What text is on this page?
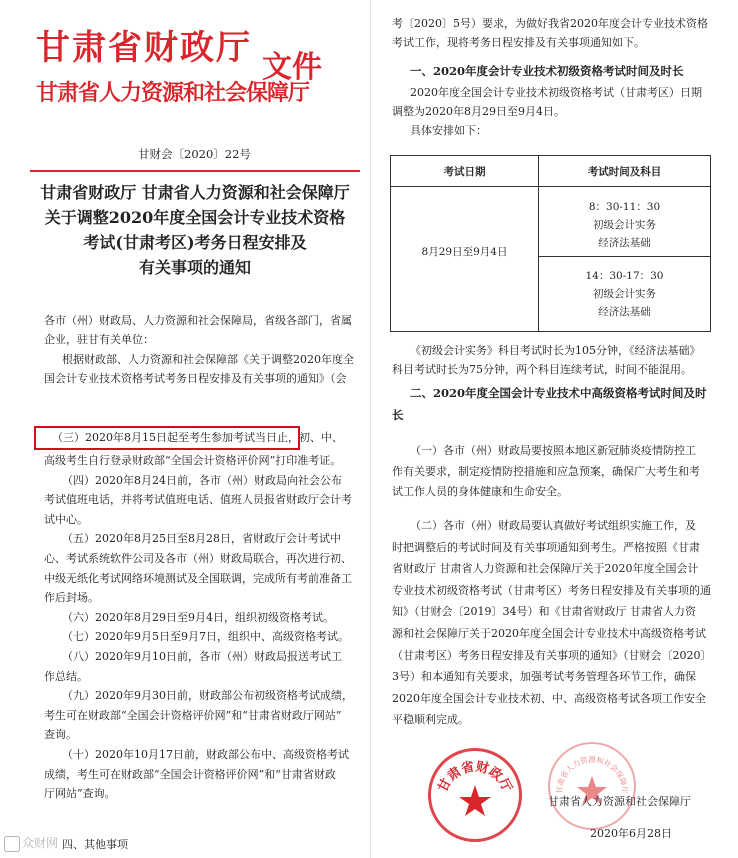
甘肃省财政厅
甘肃省人力资源和社会保障厅
文件
甘财会〔2020〕22号
甘肃省财政厅 甘肃省人力资源和社会保障厅
关于调整2020年度全国会计专业技术资格
考试(甘肃考区)考务日程安排及
有关事项的通知
各市（州）财政局、人力资源和社会保障局，省级各部门，省属
企业，驻甘有关单位：
根据财政部、人力资源和社会保障部《关于调整2020年度全
国会计专业技术资格考试考务日程安排及有关事项的通知》（会
（三）2020年8月15日起至考生参加考试当日止，初、中、
高级考生自行登录财政部“全国会计资格评价网”打印准考证。
（四）2020年8月24日前，各市（州）财政局向社会公布
考试值班电话，并将考试值班电话、值班人员报省财政厅会计考
试中心。
（五）2020年8月25日至8月28日，省财政厅会计考试中
心、考试系统软件公司及各市（州）财政局联合，再次进行初、
中级无纸化考试网络环境测试及全国联调，完成所有考前准备工
作后封场。
（六）2020年8月29日至9月4日，组织初级资格考试。
（七）2020年9月5日至9月7日，组织中、高级资格考试。
（八）2020年9月10日前，各市（州）财政局报送考试工
作总结。
（九）2020年9月30日前，财政部公布初级资格考试成绩，
考生可在财政部“全国会计资格评价网”和“甘肃省财政厅网站”
查询。
（十）2020年10月17日前，财政部公布中、高级资格考试
成绩，考生可在财政部“全国会计资格评价网”和“甘肃省财政
厅网站”查询。
四、其他事项
考〔2020〕5号）要求，为做好我省2020年度会计专业技术资格
考试工作，现将考务日程安排及有关事项通知如下。
一、2020年度会计专业技术初级资格考试时间及时长
2020年度全国会计专业技术初级资格考试（甘肃考区）日期
调整为2020年8月29日至9月4日。
具体安排如下：
考试日期	考试时间及科目
8月29日至9月4日
8：30-11：30
初级会计实务
经济法基础
14：30-17：30
初级会计实务
经济法基础
《初级会计实务》科目考试时长为105分钟，《经济法基础》
科目考试时长为75分钟，两个科目连续考试，时间不能混用。
二、2020年度全国会计专业技术中高级资格考试时间及时
长
（一）各市（州）财政局要按照本地区新冠肺炎疫情防控工
作有关要求，制定疫情防控措施和应急预案，确保广大考生和考
试工作人员的身体健康和生命安全。
（二）各市（州）财政局要认真做好考试组织实施工作，及
时把调整后的考试时间及有关事项通知到考生。严格按照《甘肃
省财政厅 甘肃省人力资源和社会保障厅关于2020年度全国会计
专业技术初级资格考试（甘肃考区）考务日程安排及有关事项的通
知》（甘财会〔2019〕34号）和《甘肃省财政厅 甘肃省人力资
源和社会保障厅关于2020年度全国会计专业技术中高级资格考试
（甘肃考区）考务日程安排及有关事项的通知》（甘财会〔2020〕
3号）和本通知有关要求，加强考试考务管理各环节工作，确保
2020年度全国会计专业技术初、中、高级资格考试各项工作安全
平稳顺利完成。
甘肃省财政厅	甘肃省人力资源和社会保障厅
甘肃省人力资源和社会保障厅
2020年6月28日
众财网
